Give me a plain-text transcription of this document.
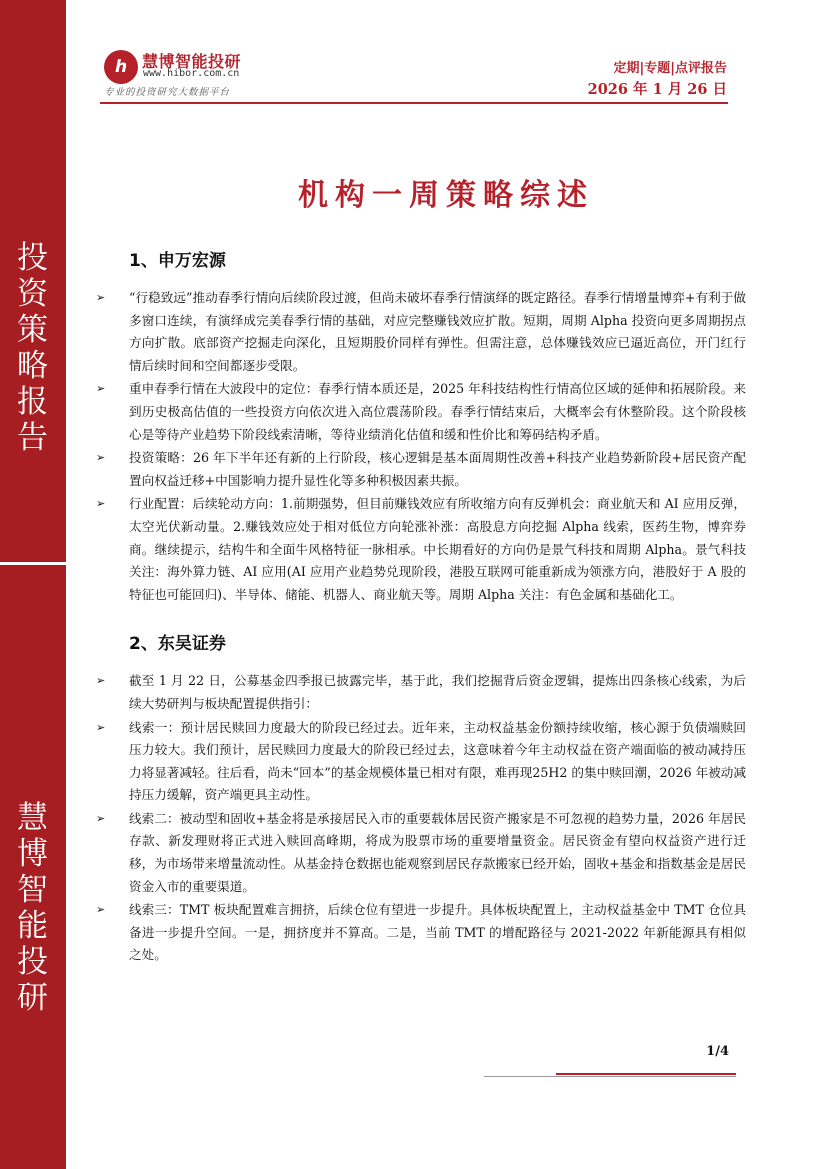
投
资
策
略
报
告
慧
博
智
能
投
研
h 慧博智能投研
www.hibor.com.cn
专业的投资研究大数据平台
定期|专题|点评报告
2026 年 1 月 26 日
机构一周策略综述
1、申万宏源
➢ “行稳致远”推动春季行情向后续阶段过渡，但尚未破坏春季行情演绎的既定路径。春季行情增量博弈+有利于做多窗口连续，有演绎成完美春季行情的基础，对应完整赚钱效应扩散。短期，周期 Alpha 投资向更多周期拐点方向扩散。底部资产挖掘走向深化，且短期股价同样有弹性。但需注意，总体赚钱效应已逼近高位，开门红行情后续时间和空间都逐步受限。
➢ 重申春季行情在大波段中的定位：春季行情本质还是，2025 年科技结构性行情高位区域的延伸和拓展阶段。来到历史极高估值的一些投资方向依次进入高位震荡阶段。春季行情结束后，大概率会有休整阶段。这个阶段核心是等待产业趋势下阶段线索清晰，等待业绩消化估值和缓和性价比和筹码结构矛盾。
➢ 投资策略：26 年下半年还有新的上行阶段，核心逻辑是基本面周期性改善+科技产业趋势新阶段+居民资产配置向权益迁移+中国影响力提升显性化等多种积极因素共振。
➢ 行业配置：后续轮动方向：1.前期强势，但目前赚钱效应有所收缩方向有反弹机会：商业航天和 AI 应用反弹，太空光伏新动量。2.赚钱效应处于相对低位方向轮涨补涨：高股息方向挖掘 Alpha 线索，医药生物，博弈券商。继续提示，结构牛和全面牛风格特征一脉相承。中长期看好的方向仍是景气科技和周期 Alpha。景气科技关注：海外算力链、AI 应用(AI 应用产业趋势兑现阶段，港股互联网可能重新成为领涨方向，港股好于 A 股的特征也可能回归)、半导体、储能、机器人、商业航天等。周期 Alpha 关注：有色金属和基础化工。
2、东吴证券
➢ 截至 1 月 22 日，公募基金四季报已披露完毕，基于此，我们挖掘背后资金逻辑，提炼出四条核心线索，为后续大势研判与板块配置提供指引：
➢ 线索一：预计居民赎回力度最大的阶段已经过去。近年来，主动权益基金份额持续收缩，核心源于负债端赎回压力较大。我们预计，居民赎回力度最大的阶段已经过去，这意味着今年主动权益在资产端面临的被动减持压力将显著减轻。往后看，尚未“回本”的基金规模体量已相对有限，难再现25H2 的集中赎回潮，2026 年被动减持压力缓解，资产端更具主动性。
➢ 线索二：被动型和固收+基金将是承接居民入市的重要载体居民资产搬家是不可忽视的趋势力量，2026 年居民存款、新发理财将正式进入赎回高峰期，将成为股票市场的重要增量资金。居民资金有望向权益资产进行迁移，为市场带来增量流动性。从基金持仓数据也能观察到居民存款搬家已经开始，固收+基金和指数基金是居民资金入市的重要渠道。
➢ 线索三：TMT 板块配置难言拥挤，后续仓位有望进一步提升。具体板块配置上，主动权益基金中 TMT 仓位具备进一步提升空间。一是，拥挤度并不算高。二是，当前 TMT 的增配路径与 2021-2022 年新能源具有相似之处。
1/4
